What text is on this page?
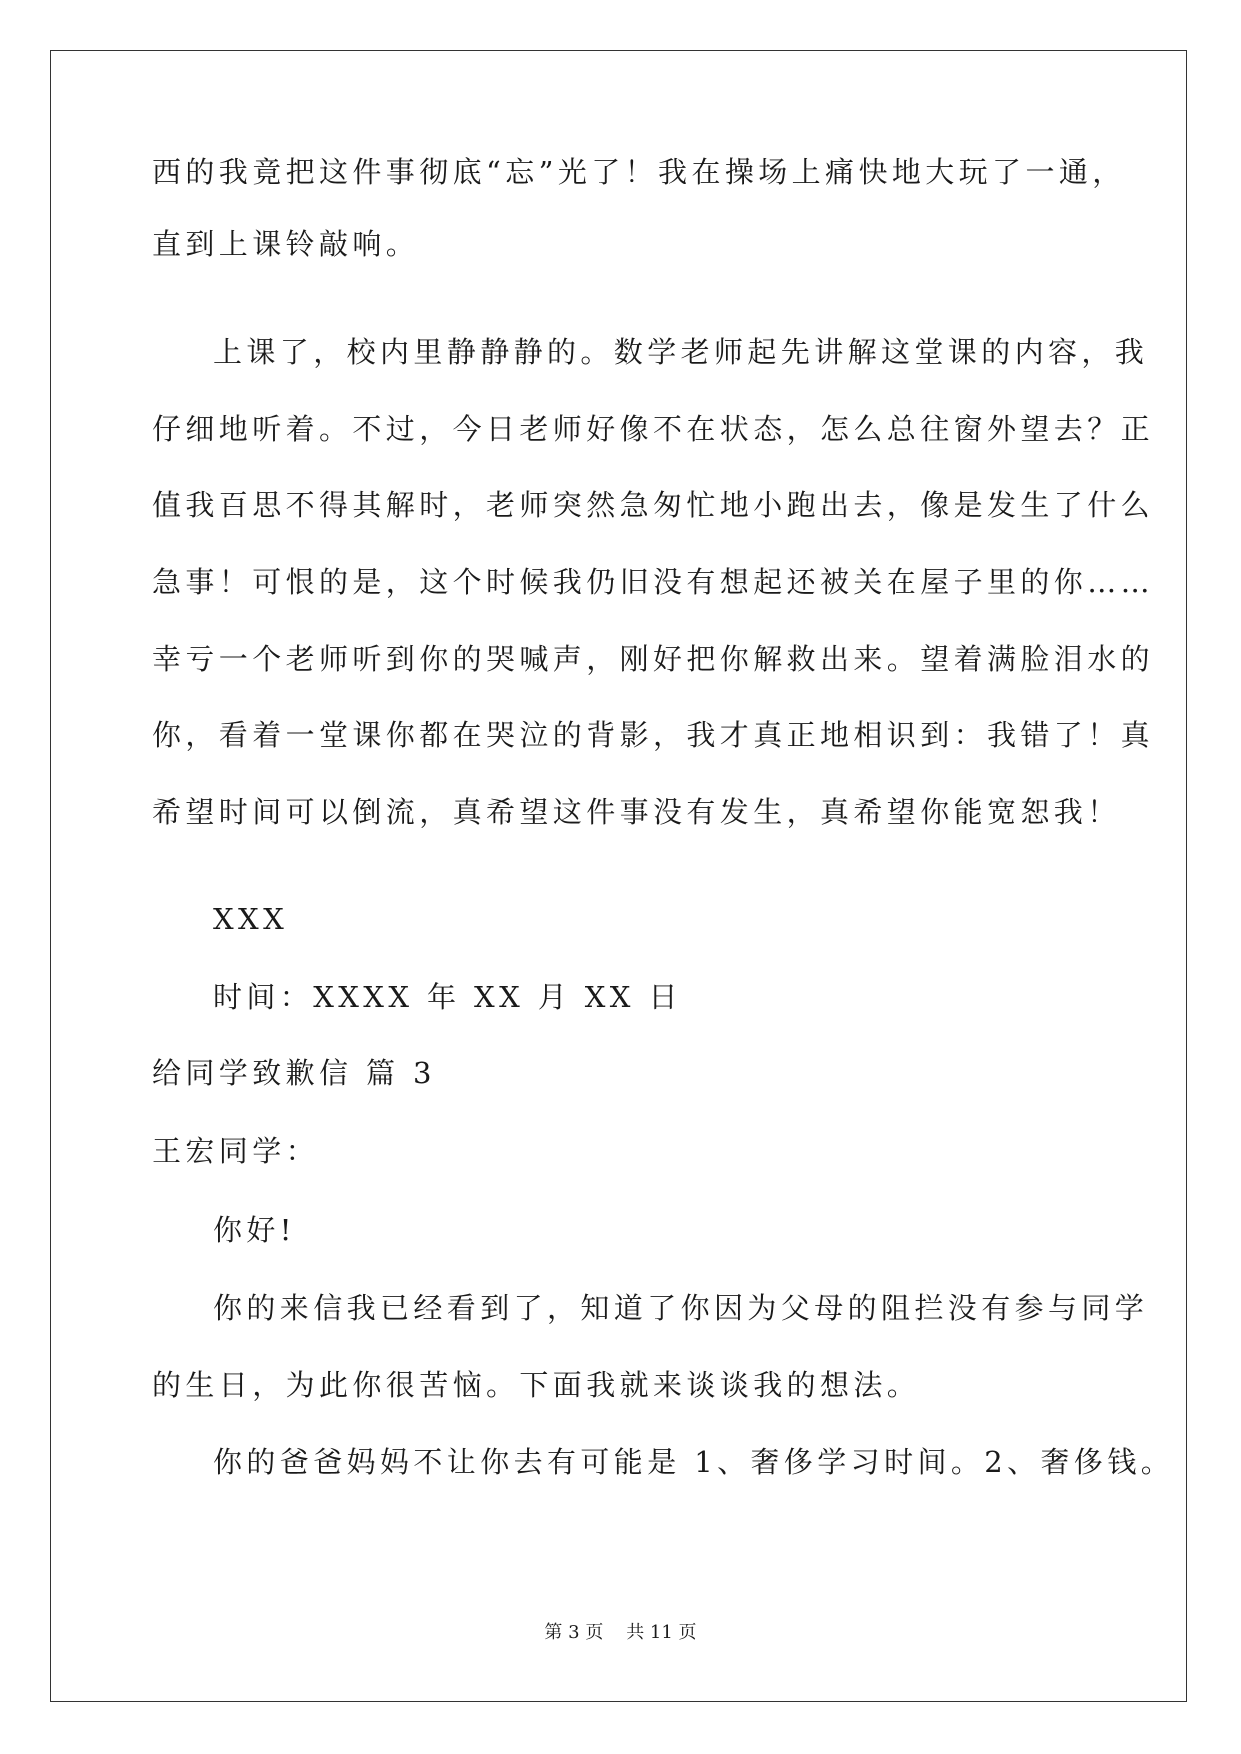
西的我竟把这件事彻底“忘”光了！我在操场上痛快地大玩了一通，
直到上课铃敲响。
上课了，校内里静静静的。数学老师起先讲解这堂课的内容，我
仔细地听着。不过，今日老师好像不在状态，怎么总往窗外望去？正
值我百思不得其解时，老师突然急匆忙地小跑出去，像是发生了什么
急事！可恨的是，这个时候我仍旧没有想起还被关在屋子里的你……
幸亏一个老师听到你的哭喊声，刚好把你解救出来。望着满脸泪水的
你，看着一堂课你都在哭泣的背影，我才真正地相识到：我错了！真
希望时间可以倒流，真希望这件事没有发生，真希望你能宽恕我！
XXX
时间：XXXX 年 XX 月 XX 日
给同学致歉信 篇 3
王宏同学：
你好!
你的来信我已经看到了，知道了你因为父母的阻拦没有参与同学
的生日，为此你很苦恼。下面我就来谈谈我的想法。
你的爸爸妈妈不让你去有可能是 1、奢侈学习时间。2、奢侈钱。
第 3 页    共 11 页
